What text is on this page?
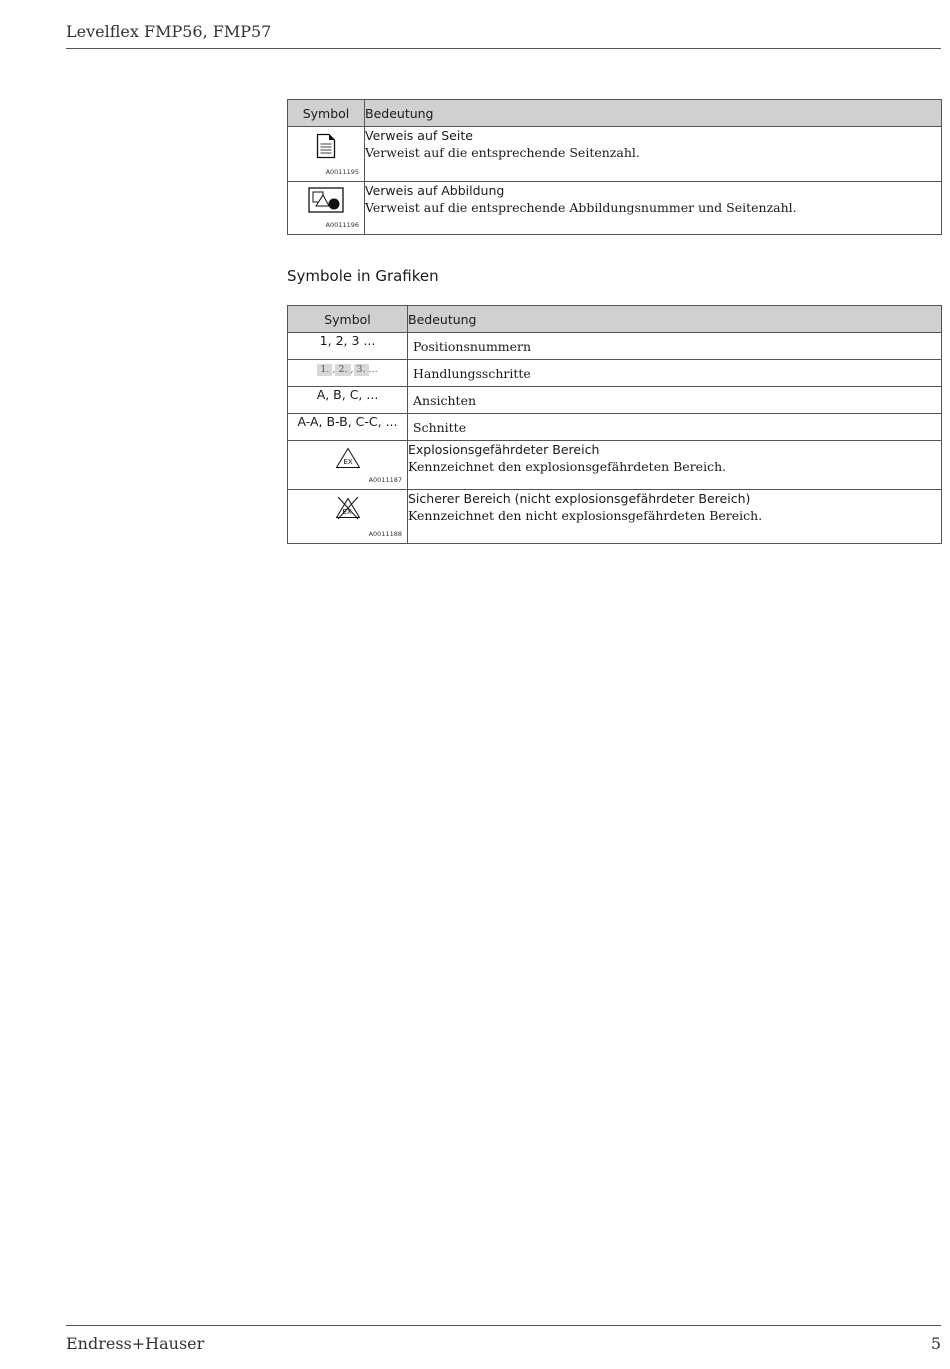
Levelflex FMP56, FMP57
Symbol	Bedeutung

A0011195	Verweis auf Seite
Verweist auf die entsprechende Seitenzahl.

A0011196	Verweis auf Abbildung
Verweist auf die entsprechende Abbildungsnummer und Seitenzahl.
Symbole in Grafiken
Symbol	Bedeutung
1, 2, 3 ...	Positionsnummern
1. , 2. , 3. ...	Handlungsschritte
A, B, C, ...	Ansichten
A-A, B-B, C-C, ...	Schnitte

EX
A0011187	Explosionsgefährdeter Bereich
Kennzeichnet den explosionsgefährdeten Bereich.

EX
A0011188	Sicherer Bereich (nicht explosionsgefährdeter Bereich)
Kennzeichnet den nicht explosionsgefährdeten Bereich.
Endress+Hauser	5
